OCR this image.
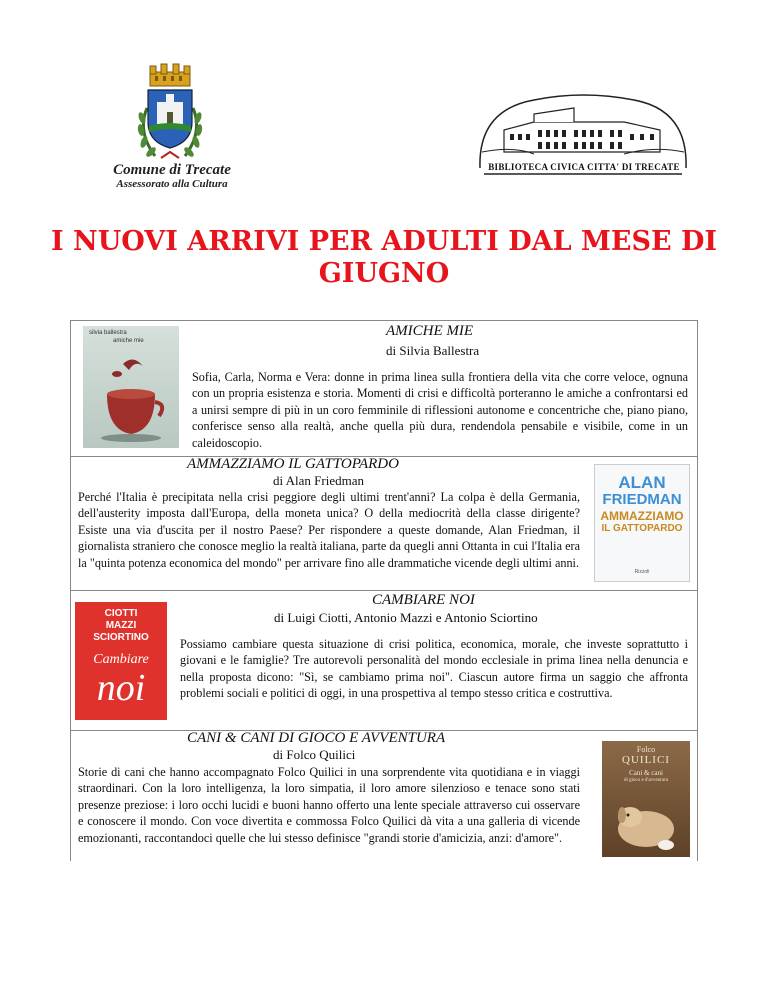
Comune di Trecate
Assessorato alla Cultura
BIBLIOTECA CIVICA CITTA' DI TRECATE
I NUOVI ARRIVI PER ADULTI DAL MESE DI GIUGNO
silvia ballestra
amiche mie
AMICHE MIE
di Silvia Ballestra
Sofia, Carla, Norma e Vera: donne in prima linea sulla frontiera della vita che corre veloce, ognuna con un propria esistenza e storia. Momenti di crisi e difficoltà porteranno le amiche a confrontarsi ed a unirsi sempre di più in un coro femminile di riflessioni autonome e concentriche che, piano piano, conferisce senso alla realtà, anche quella più dura, rendendola pensabile e visibile, come in un caleidoscopio.
AMMAZZIAMO IL GATTOPARDO
di Alan Friedman
Perché l'Italia è precipitata nella crisi peggiore degli ultimi trent'anni? La colpa è della Germania, dell'austerity imposta dall'Europa, della moneta unica? O della mediocrità della classe dirigente? Esiste una via d'uscita per il nostro Paese? Per rispondere a queste domande, Alan Friedman, il giornalista straniero che conosce meglio la realtà italiana, parte da quegli anni Ottanta in cui l'Italia era la "quinta potenza economica del mondo" per arrivare fino alle drammatiche vicende degli ultimi anni.
ALAN
FRIEDMAN
AMMAZZIAMO
IL GATTOPARDO
Rizzoli
CIOTTI
MAZZI
SCIORTINO
Cambiare
noi
CAMBIARE NOI
di Luigi Ciotti, Antonio Mazzi e Antonio Sciortino
Possiamo cambiare questa situazione di crisi politica, economica, morale, che investe soprattutto i giovani e le famiglie? Tre autorevoli personalità del mondo ecclesiale in prima linea nella denuncia e nella proposta dicono: "Sì, se cambiamo prima noi". Ciascun autore firma un saggio che affronta problemi sociali e politici di oggi, in una prospettiva al tempo stesso critica e costruttiva.
CANI & CANI DI GIOCO E AVVENTURA
di Folco Quilici
Storie di cani che hanno accompagnato Folco Quilici in una sorprendente vita quotidiana e in viaggi straordinari. Con la loro intelligenza, la loro simpatia, il loro amore silenzioso e tenace sono stati presenze preziose: i loro occhi lucidi e buoni hanno offerto una lente speciale attraverso cui osservare e conoscere il mondo. Con voce divertita e commossa Folco Quilici dà vita a una galleria di vicende emozionanti, raccontandoci quelle che lui stesso definisce "grandi storie d'amicizia, anzi: d'amore".
Folco
QUILICI
Cani & cani
di gioco e d'avventura
